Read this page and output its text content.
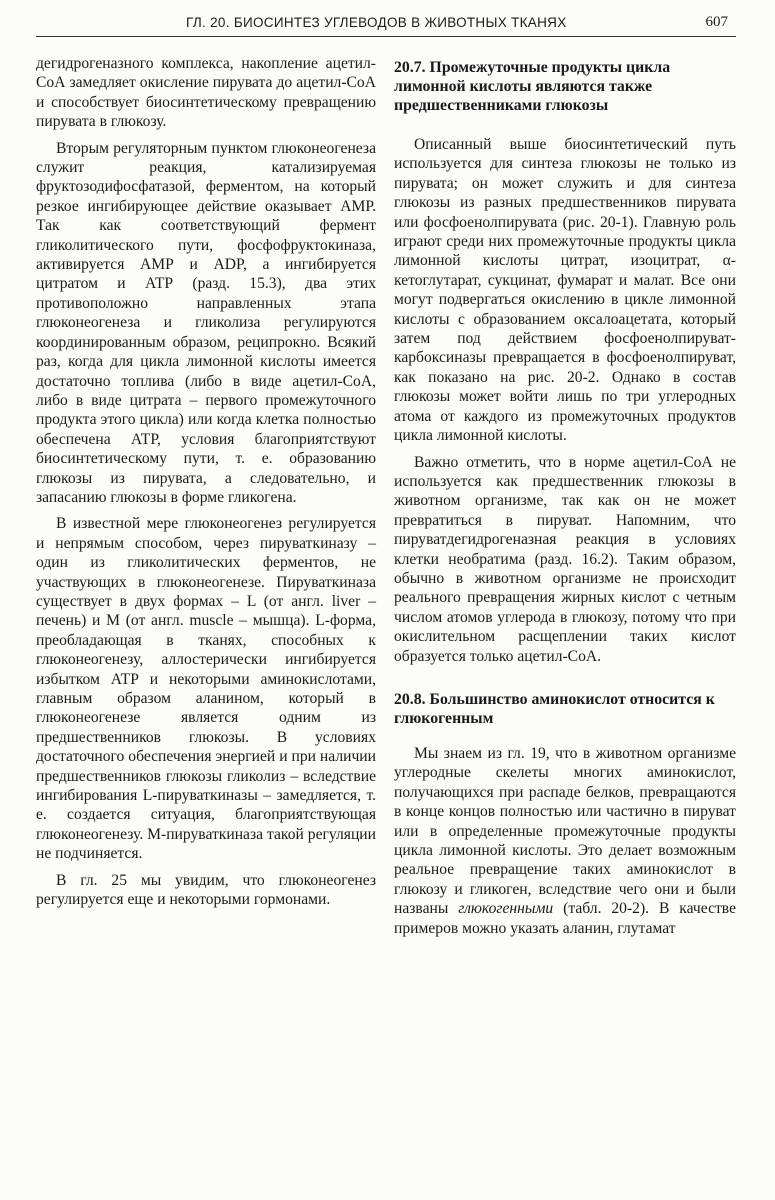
ГЛ. 20. БИОСИНТЕЗ УГЛЕВОДОВ В ЖИВОТНЫХ ТКАНЯХ	607

дегидрогеназного комплекса, накопление ацетил-СоА замедляет окисление пирувата до ацетил-СоА и способствует биосинтетическому превращению пирувата в глюкозу.

Вторым регуляторным пунктом глюконеогенеза служит реакция, катализируемая фруктозодифосфатазой, ферментом, на который резкое ингибирующее действие оказывает АМР. Так как соответствующий фермент гликолитического пути, фосфофруктокиназа, активируется АМР и ADP, а ингибируется цитратом и АТР (разд. 15.3), два этих противоположно направленных этапа глюконеогенеза и гликолиза регулируются координированным образом, реципрокно. Всякий раз, когда для цикла лимонной кислоты имеется достаточно топлива (либо в виде ацетил-СоА, либо в виде цитрата – первого промежуточного продукта этого цикла) или когда клетка полностью обеспечена АТР, условия благоприятствуют биосинтетическому пути, т. е. образованию глюкозы из пирувата, а следовательно, и запасанию глюкозы в форме гликогена.

В известной мере глюконеогенез регулируется и непрямым способом, через пируваткиназу – один из гликолитических ферментов, не участвующих в глюконеогенезе. Пируваткиназа существует в двух формах – L (от англ. liver – печень) и М (от англ. muscle – мышца). L-форма, преобладающая в тканях, способных к глюконеогенезу, аллостерически ингибируется избытком АТР и некоторыми аминокислотами, главным образом аланином, который в глюконеогенезе является одним из предшественников глюкозы. В условиях достаточного обеспечения энергией и при наличии предшественников глюкозы гликолиз – вследствие ингибирования L-пируваткиназы – замедляется, т. е. создается ситуация, благоприятствующая глюконеогенезу. М-пируваткиназа такой регуляции не подчиняется.

В гл. 25 мы увидим, что глюконеогенез регулируется еще и некоторыми гормонами.

20.7. Промежуточные продукты цикла лимонной кислоты являются также предшественниками глюкозы

Описанный выше биосинтетический путь используется для синтеза глюкозы не только из пирувата; он может служить и для синтеза глюкозы из разных предшественников пирувата или фосфоенолпирувата (рис. 20-1). Главную роль играют среди них промежуточные продукты цикла лимонной кислоты цитрат, изоцитрат, α-кетоглутарат, сукцинат, фумарат и малат. Все они могут подвергаться окислению в цикле лимонной кислоты с образованием оксалоацетата, который затем под действием фосфоенолпируват-карбоксиназы превращается в фосфоенолпируват, как показано на рис. 20-2. Однако в состав глюкозы может войти лишь по три углеродных атома от каждого из промежуточных продуктов цикла лимонной кислоты.

Важно отметить, что в норме ацетил-СоА не используется как предшественник глюкозы в животном организме, так как он не может превратиться в пируват. Напомним, что пируватдегидрогеназная реакция в условиях клетки необратима (разд. 16.2). Таким образом, обычно в животном организме не происходит реального превращения жирных кислот с четным числом атомов углерода в глюкозу, потому что при окислительном расщеплении таких кислот образуется только ацетил-СоА.

20.8. Большинство аминокислот относится к глюкогенным

Мы знаем из гл. 19, что в животном организме углеродные скелеты многих аминокислот, получающихся при распаде белков, превращаются в конце концов полностью или частично в пируват или в определенные промежуточные продукты цикла лимонной кислоты. Это делает возможным реальное превращение таких аминокислот в глюкозу и гликоген, вследствие чего они и были названы глюкогенными (табл. 20-2). В качестве примеров можно указать аланин, глутамат
